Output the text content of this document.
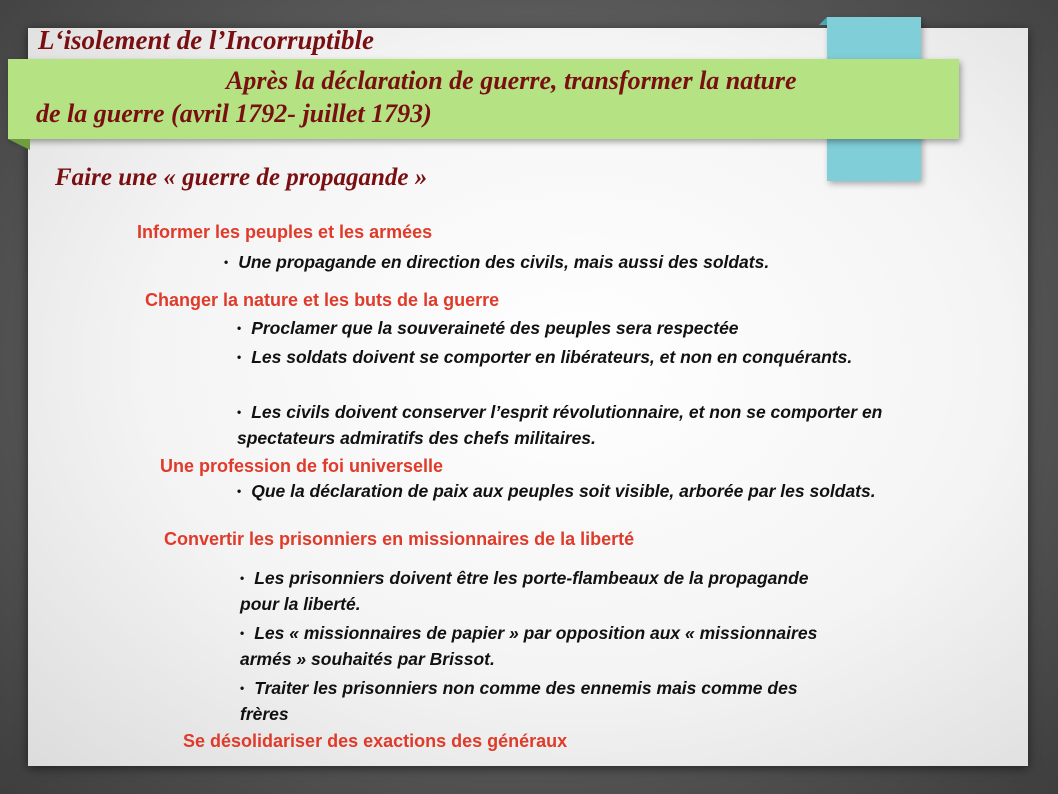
L‘isolement de l’Incorruptible
Après la déclaration de guerre, transformer la nature
de la guerre (avril 1792- juillet 1793)
Faire une « guerre de propagande »
Informer les peuples et les armées

• Une propagande en direction des civils, mais aussi des soldats.

Changer la nature et les buts de la guerre

• Proclamer que la souveraineté des peuples sera respectée

• Les soldats doivent se comporter en libérateurs, et non en conquérants.

• Les civils doivent conserver l’esprit révolutionnaire, et non se comporter en spectateurs admiratifs des chefs militaires.

Une profession de foi universelle

• Que la déclaration de paix aux peuples soit visible, arborée par les soldats.

Convertir les prisonniers en missionnaires de la liberté

• Les prisonniers doivent être les porte-flambeaux de la propagande pour la liberté.

• Les « missionnaires de papier » par opposition aux « missionnaires armés » souhaités par Brissot.

• Traiter les prisonniers non comme des ennemis mais comme des frères

Se désolidariser des exactions des généraux
